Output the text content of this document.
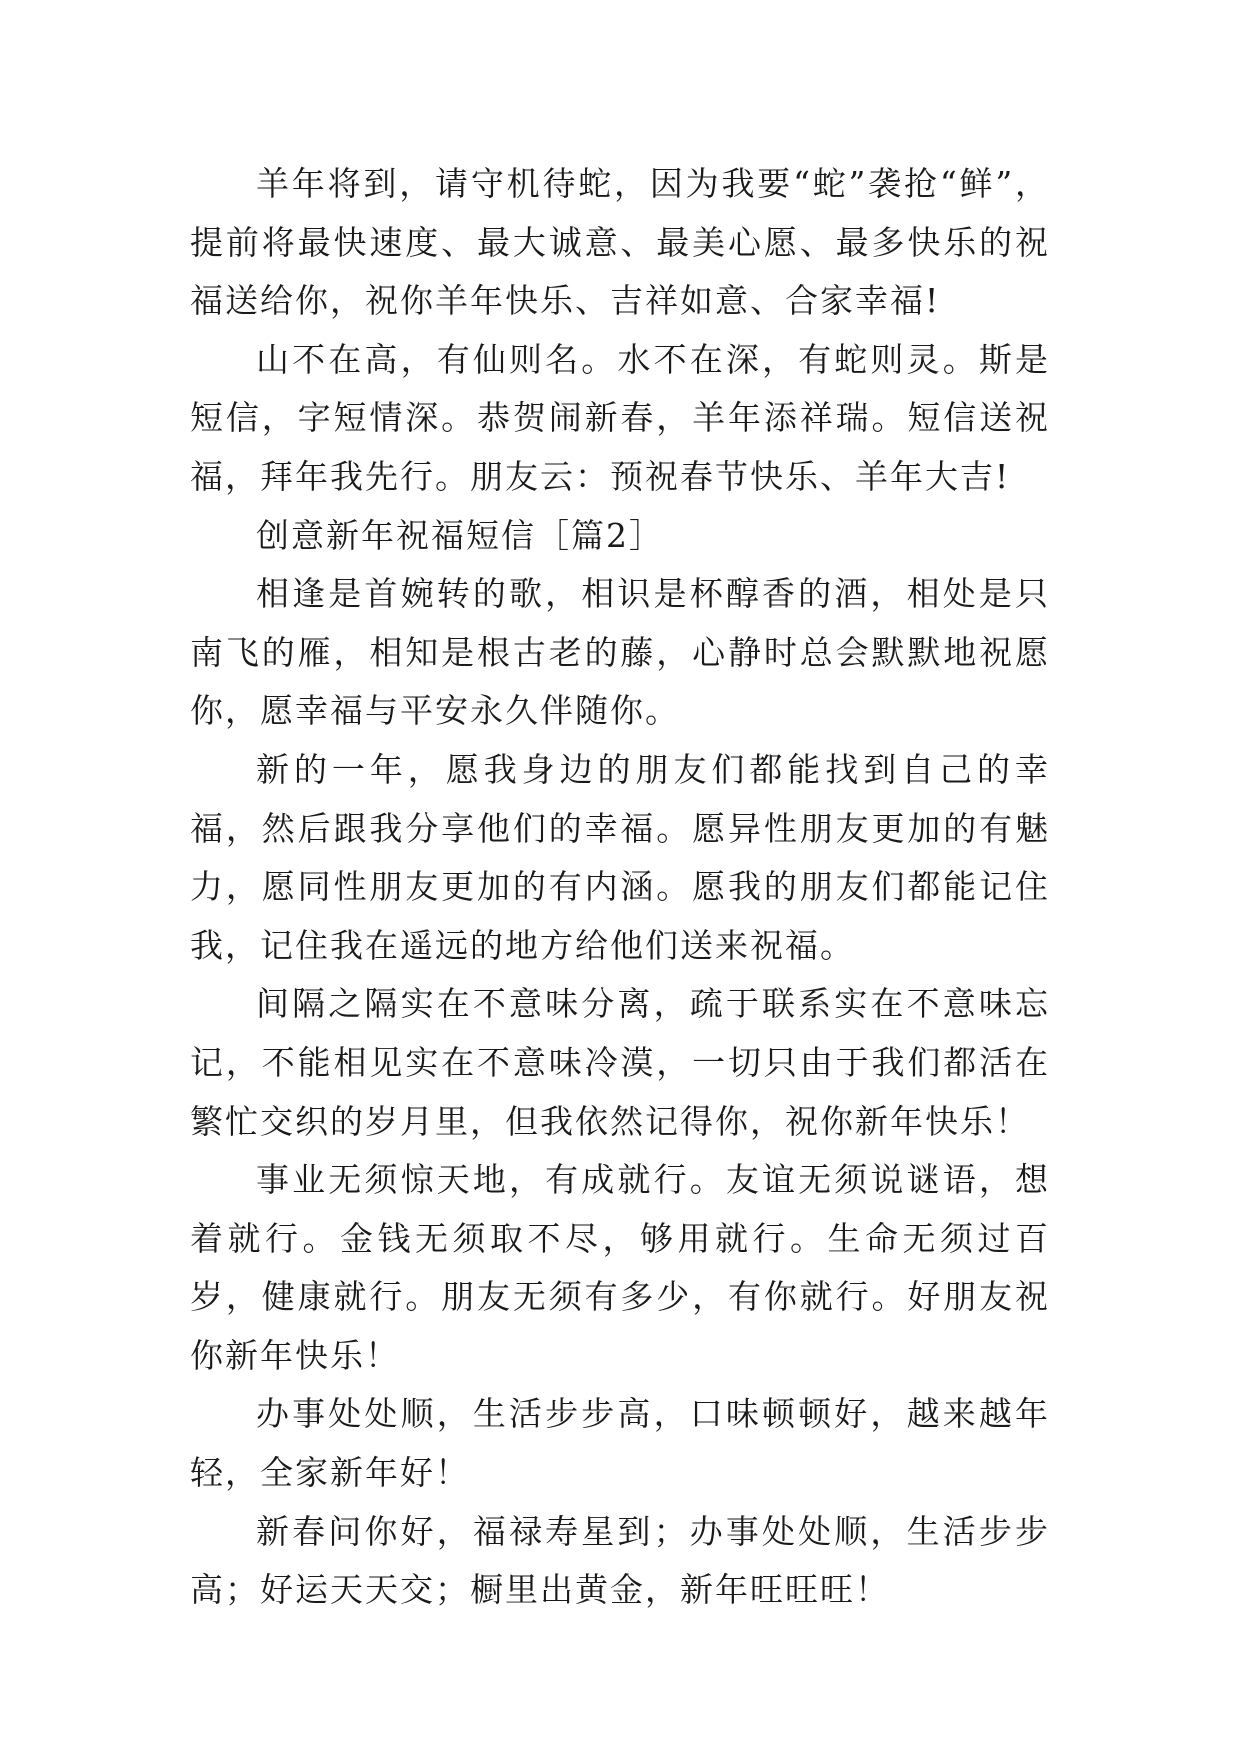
羊年将到，请守机待蛇，因为我要“蛇”袭抢“鲜”，提前将最快速度、最大诚意、最美心愿、最多快乐的祝福送给你，祝你羊年快乐、吉祥如意、合家幸福!

山不在高，有仙则名。水不在深，有蛇则灵。斯是短信，字短情深。恭贺闹新春，羊年添祥瑞。短信送祝福，拜年我先行。朋友云：预祝春节快乐、羊年大吉!

创意新年祝福短信［篇2］

相逢是首婉转的歌，相识是杯醇香的酒，相处是只南飞的雁，相知是根古老的藤，心静时总会默默地祝愿你，愿幸福与平安永久伴随你。

新的一年，愿我身边的朋友们都能找到自己的幸福，然后跟我分享他们的幸福。愿异性朋友更加的有魅力，愿同性朋友更加的有内涵。愿我的朋友们都能记住我，记住我在遥远的地方给他们送来祝福。

间隔之隔实在不意味分离，疏于联系实在不意味忘记，不能相见实在不意味冷漠，一切只由于我们都活在繁忙交织的岁月里，但我依然记得你，祝你新年快乐！

事业无须惊天地，有成就行。友谊无须说谜语，想着就行。金钱无须取不尽，够用就行。生命无须过百岁，健康就行。朋友无须有多少，有你就行。好朋友祝你新年快乐！

办事处处顺，生活步步高，口味顿顿好，越来越年轻，全家新年好！

新春问你好，福禄寿星到；办事处处顺，生活步步高；好运天天交；橱里出黄金，新年旺旺旺！
